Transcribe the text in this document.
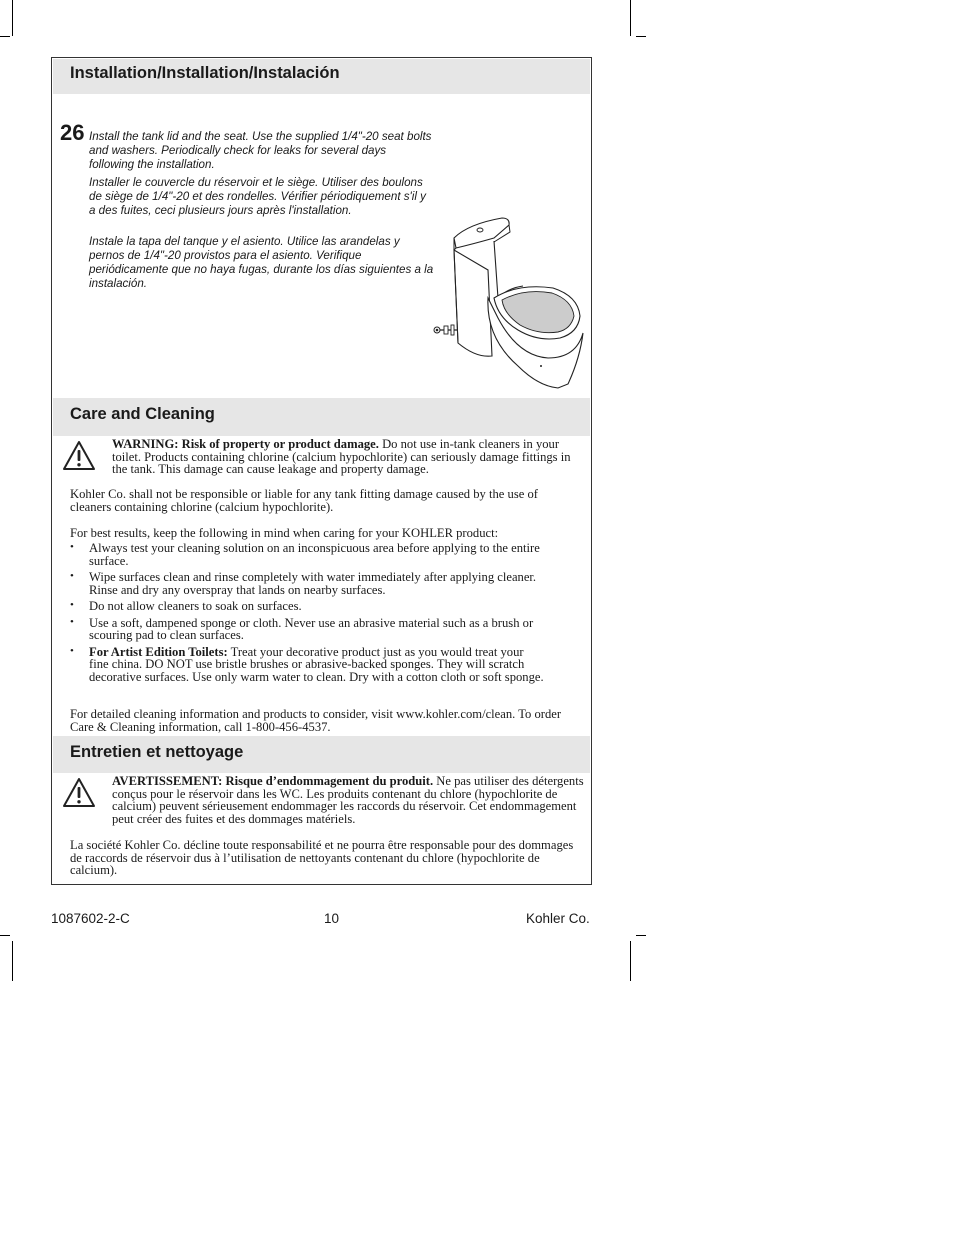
Installation/Installation/Instalación
26 Install the tank lid and the seat. Use the supplied 1/4"-20 seat bolts and washers. Periodically check for leaks for several days following the installation.
Installer le couvercle du réservoir et le siège. Utiliser des boulons de siège de 1/4"-20 et des rondelles. Vérifier périodiquement s'il y a des fuites, ceci plusieurs jours après l'installation.
Instale la tapa del tanque y el asiento. Utilice las arandelas y pernos de 1/4"-20 provistos para el asiento. Verifique periódicamente que no haya fugas, durante los días siguientes a la instalación.
Care and Cleaning
WARNING: Risk of property or product damage. Do not use in-tank cleaners in your toilet. Products containing chlorine (calcium hypochlorite) can seriously damage fittings in the tank. This damage can cause leakage and property damage.
Kohler Co. shall not be responsible or liable for any tank fitting damage caused by the use of cleaners containing chlorine (calcium hypochlorite).
For best results, keep the following in mind when caring for your KOHLER product:
• Always test your cleaning solution on an inconspicuous area before applying to the entire surface.
• Wipe surfaces clean and rinse completely with water immediately after applying cleaner. Rinse and dry any overspray that lands on nearby surfaces.
• Do not allow cleaners to soak on surfaces.
• Use a soft, dampened sponge or cloth. Never use an abrasive material such as a brush or scouring pad to clean surfaces.
• For Artist Edition Toilets: Treat your decorative product just as you would treat your fine china. DO NOT use bristle brushes or abrasive-backed sponges. They will scratch decorative surfaces. Use only warm water to clean. Dry with a cotton cloth or soft sponge.
For detailed cleaning information and products to consider, visit www.kohler.com/clean. To order Care & Cleaning information, call 1-800-456-4537.
Entretien et nettoyage
AVERTISSEMENT: Risque d’endommagement du produit. Ne pas utiliser des détergents conçus pour le réservoir dans les WC. Les produits contenant du chlore (hypochlorite de calcium) peuvent sérieusement endommager les raccords du réservoir. Cet endommagement peut créer des fuites et des dommages matériels.
La société Kohler Co. décline toute responsabilité et ne pourra être responsable pour des dommages de raccords de réservoir dus à l’utilisation de nettoyants contenant du chlore (hypochlorite de calcium).
1087602-2-C	10	Kohler Co.
